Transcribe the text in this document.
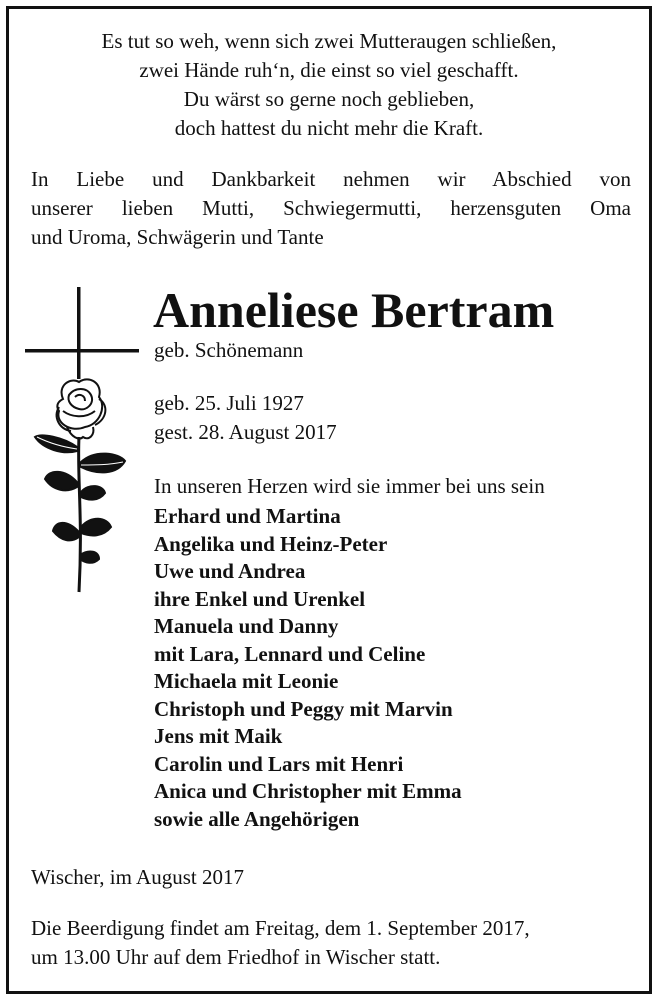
Es tut so weh, wenn sich zwei Mutteraugen schließen,
zwei Hände ruh‘n, die einst so viel geschafft.
Du wärst so gerne noch geblieben,
doch hattest du nicht mehr die Kraft.
In Liebe und Dankbarkeit nehmen wir Abschied von
unserer lieben Mutti, Schwiegermutti, herzensguten Oma
und Uroma, Schwägerin und Tante
Anneliese Bertram
geb. Schönemann
geb. 25. Juli 1927
gest. 28. August 2017
In unseren Herzen wird sie immer bei uns sein
Erhard und Martina
Angelika und Heinz-Peter
Uwe und Andrea
ihre Enkel und Urenkel
Manuela und Danny
mit Lara, Lennard und Celine
Michaela mit Leonie
Christoph und Peggy mit Marvin
Jens mit Maik
Carolin und Lars mit Henri
Anica und Christopher mit Emma
sowie alle Angehörigen
Wischer, im August 2017
Die Beerdigung findet am Freitag, dem 1. September 2017,
um 13.00 Uhr auf dem Friedhof in Wischer statt.
